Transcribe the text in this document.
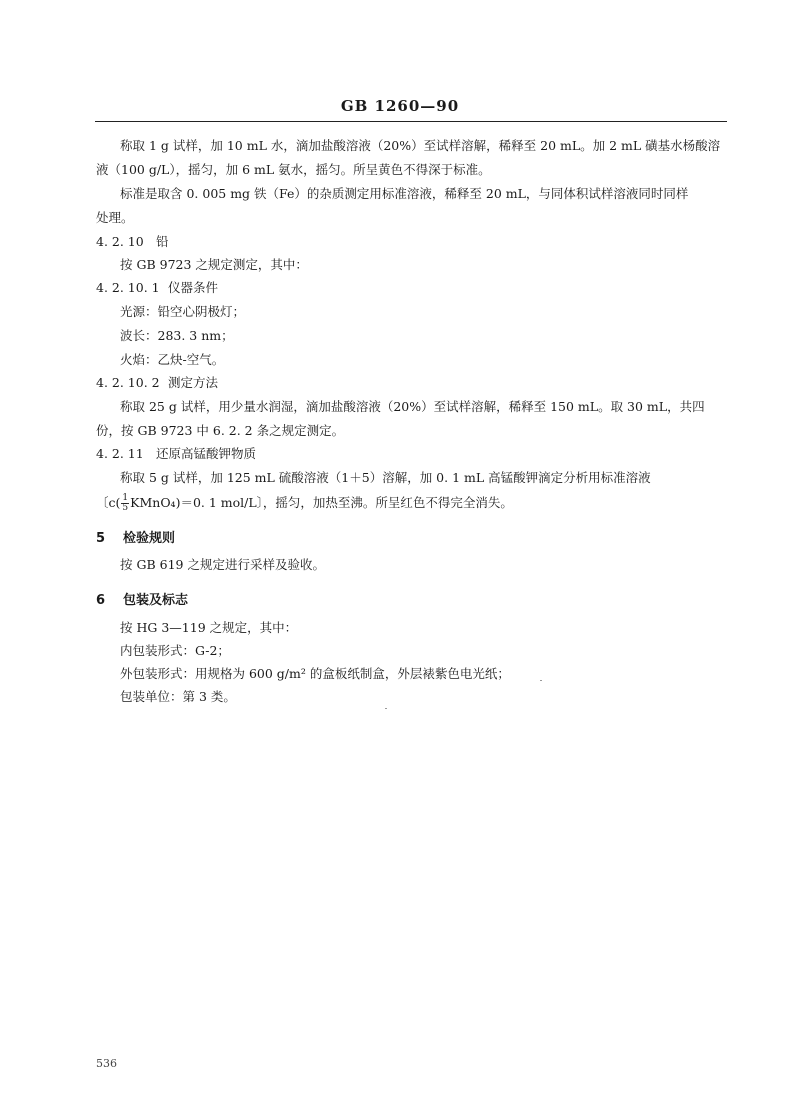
GB 1260—90
称取 1 g 试样，加 10 mL 水，滴加盐酸溶液（20%）至试样溶解，稀释至 20 mL。加 2 mL 磺基水杨酸溶
液（100 g/L），摇匀，加 6 mL 氨水，摇匀。所呈黄色不得深于标准。
标准是取含 0. 005 mg 铁（Fe）的杂质测定用标准溶液，稀释至 20 mL，与同体积试样溶液同时同样
处理。
4. 2. 10 铅
按 GB 9723 之规定测定，其中：
4. 2. 10. 1 仪器条件
光源：铅空心阴极灯；
波长：283. 3 nm；
火焰：乙炔-空气。
4. 2. 10. 2 测定方法
称取 25 g 试样，用少量水润湿，滴加盐酸溶液（20%）至试样溶解，稀释至 150 mL。取 30 mL，共四
份，按 GB 9723 中 6. 2. 2 条之规定测定。
4. 2. 11 还原高锰酸钾物质
称取 5 g 试样，加 125 mL 硫酸溶液（1＋5）溶解，加 0. 1 mL 高锰酸钾滴定分析用标准溶液
〔$c( \frac{1}{5}$ KMnO₄)＝0. 1 mol/L〕，摇匀，加热至沸。所呈红色不得完全消失。
5 检验规则
按 GB 619 之规定进行采样及验收。
6 包装及标志
按 HG 3—119 之规定，其中：
内包装形式：G-2；
外包装形式：用规格为 600 g/m² 的盒板纸制盒，外层裱紫色电光纸；
包装单位：第 3 类。
536
